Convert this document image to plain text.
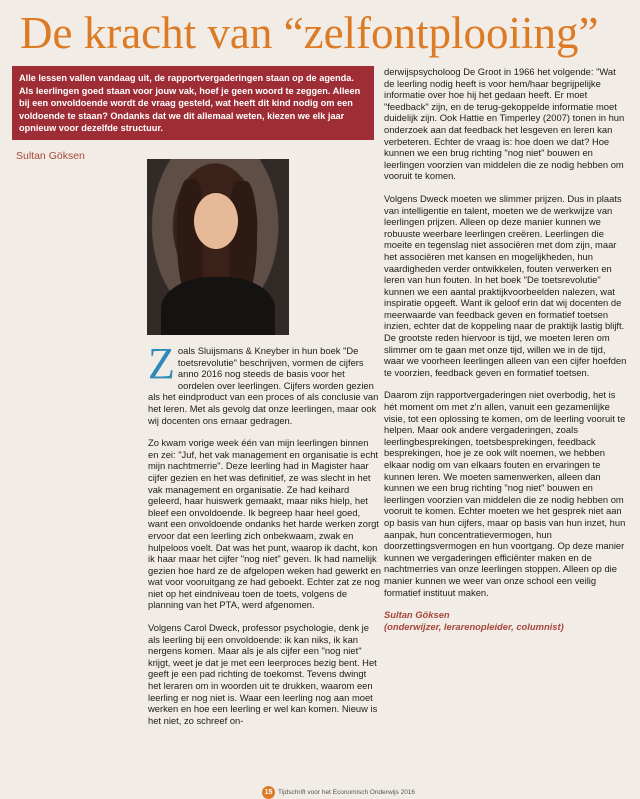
De kracht van “zelfontplooiing”
Alle lessen vallen vandaag uit, de rapportvergaderingen staan op de agenda. Als leerlingen goed staan voor jouw vak, hoef je geen woord te zeggen. Alleen bij een onvoldoende wordt de vraag gesteld, wat heeft dit kind nodig om een voldoende te staan? Ondanks dat we dit allemaal weten, kiezen we elk jaar opnieuw voor dezelfde structuur.
Sultan Göksen

Zoals Sluijsmans & Kneyber in hun boek "De toetsrevolutie" beschrijven, vormen de cijfers anno 2016 nog steeds de basis voor het oordelen over leerlingen. Cijfers worden gezien als het eindproduct van een proces of als conclusie van het leren. Met als gevolg dat onze leerlingen, maar ook wij docenten ons ernaar gedragen.

Zo kwam vorige week één van mijn leerlingen binnen en zei: "Juf, het vak management en organisatie is echt mijn nachtmerrie". Deze leerling had in Magister haar cijfer gezien en het was definitief, ze was slecht in het vak management en organisatie. Ze had keihard geleerd, haar huiswerk gemaakt, maar niks hielp, het bleef een onvoldoende. Ik begreep haar heel goed, want een onvoldoende ondanks het harde werken zorgt ervoor dat een leerling zich onbekwaam, zwak en hulpeloos voelt. Dat was het punt, waarop ik dacht, kon ik haar maar het cijfer "nog niet" geven. Ik had namelijk gezien hoe hard ze de afgelopen weken had gewerkt en wat voor vooruitgang ze had geboekt. Echter zat ze nog niet op het eindniveau toen de toets, volgens de planning van het PTA, werd afgenomen.

Volgens Carol Dweck, professor psychologie, denk je als leerling bij een onvoldoende: ik kan niks, ik kan nergens komen. Maar als je als cijfer een "nog niet" krijgt, weet je dat je met een leerproces bezig bent. Het geeft je een pad richting de toekomst. Tevens dwingt het leraren om in woorden uit te drukken, waarom een leerling er nog niet is. Waar een leerling nog aan moet werken en hoe een leerling er wel kan komen. Nieuw is het niet, zo schreef on-

derwijspsycholoog De Groot in 1966 het volgende: "Wat de leerling nodig heeft is voor hem/haar begrijpelijke informatie over hoe hij het gedaan heeft. Er moet "feedback" zijn, en de terug-gekoppelde informatie moet duidelijk zijn. Ook Hattie en Timperley (2007) tonen in hun onderzoek aan dat feedback het lesgeven en leren kan verbeteren. Echter de vraag is: hoe doen we dat? Hoe kunnen we een brug richting "nog niet" bouwen en leerlingen voorzien van middelen die ze nodig hebben om vooruit te komen.

Volgens Dweck moeten we slimmer prijzen. Dus in plaats van intelligentie en talent, moeten we de werkwijze van leerlingen prijzen. Alleen op deze manier kunnen we robuuste weerbare leerlingen creëren. Leerlingen die moeite en tegenslag niet associëren met dom zijn, maar het associëren met kansen en mogelijkheden, hun vaardigheden verder ontwikkelen, fouten verwerken en leren van hun fouten. In het boek "De toetsrevolutie" kunnen we een aantal praktijkvoorbeelden nalezen, wat inspiratie opgeeft. Want ik geloof erin dat wij docenten de meerwaarde van feedback geven en formatief toetsen inzien, echter dat de koppeling naar de praktijk lastig blijft. De grootste reden hiervoor is tijd, we moeten leren om slimmer om te gaan met onze tijd, willen we in de tijd, waar we voorheen leerlingen alleen van een cijfer hoefden te voorzien, feedback geven en formatief toetsen.

Daarom zijn rapportvergaderingen niet overbodig, het is hét moment om met z'n allen, vanuit een gezamenlijke visie, tot een oplossing te komen, om de leerling vooruit te helpen. Maar ook andere vergaderingen, zoals leerlingbesprekingen, toetsbesprekingen, feedback besprekingen, hoe je ze ook wilt noemen, we hebben elkaar nodig om van elkaars fouten en ervaringen te kunnen leren. We moeten samenwerken, alleen dan kunnen we een brug richting "nog niet" bouwen en leerlingen voorzien van middelen die ze nodig hebben om vooruit te komen. Echter moeten we het gesprek niet aan op basis van hun cijfers, maar op basis van hun inzet, hun aanpak, hun concentratievermogen, hun doorzettingsvermogen en hun voortgang. Op deze manier kunnen we vergaderingen efficiënter maken en de nachtmerries van onze leerlingen stoppen. Alleen op die manier kunnen we weer van onze school een veilig formatief instituut maken.

Sultan Göksen
(onderwijzer, lerarenopleider, columnist)
15 Tijdschrift voor het Economisch Onderwijs 2016
